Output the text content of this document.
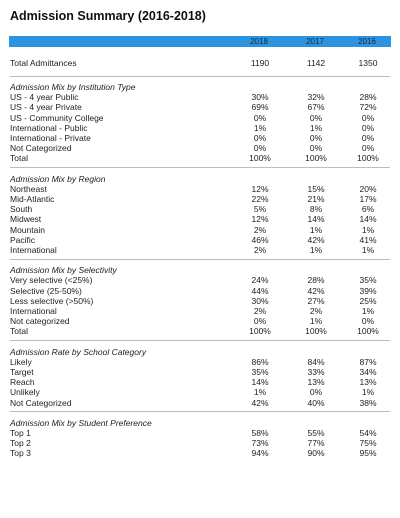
Admission Summary (2016-2018)
2018	2017	2016
Total Admittances	1190	1142	1350
Admission Mix by Institution Type
US - 4 year Public	30%	32%	28%
US - 4 year Private	69%	67%	72%
US - Community College	0%	0%	0%
International - Public	1%	1%	0%
International - Private	0%	0%	0%
Not Categorized	0%	0%	0%
Total	100%	100%	100%
Admission Mix by Region
Northeast	12%	15%	20%
Mid-Atlantic	22%	21%	17%
South	5%	8%	6%
Midwest	12%	14%	14%
Mountain	2%	1%	1%
Pacific	46%	42%	41%
International	2%	1%	1%
Admission Mix by Selectivity
Very selective (<25%)	24%	28%	35%
Selective (25-50%)	44%	42%	39%
Less selective (>50%)	30%	27%	25%
International	2%	2%	1%
Not categorized	0%	1%	0%
Total	100%	100%	100%
Admission Rate by School Category
Likely	86%	84%	87%
Target	35%	33%	34%
Reach	14%	13%	13%
Unlikely	1%	0%	1%
Not Categorized	42%	40%	38%
Admission Mix by Student Preference
Top 1	58%	55%	54%
Top 2	73%	77%	75%
Top 3	94%	90%	95%
